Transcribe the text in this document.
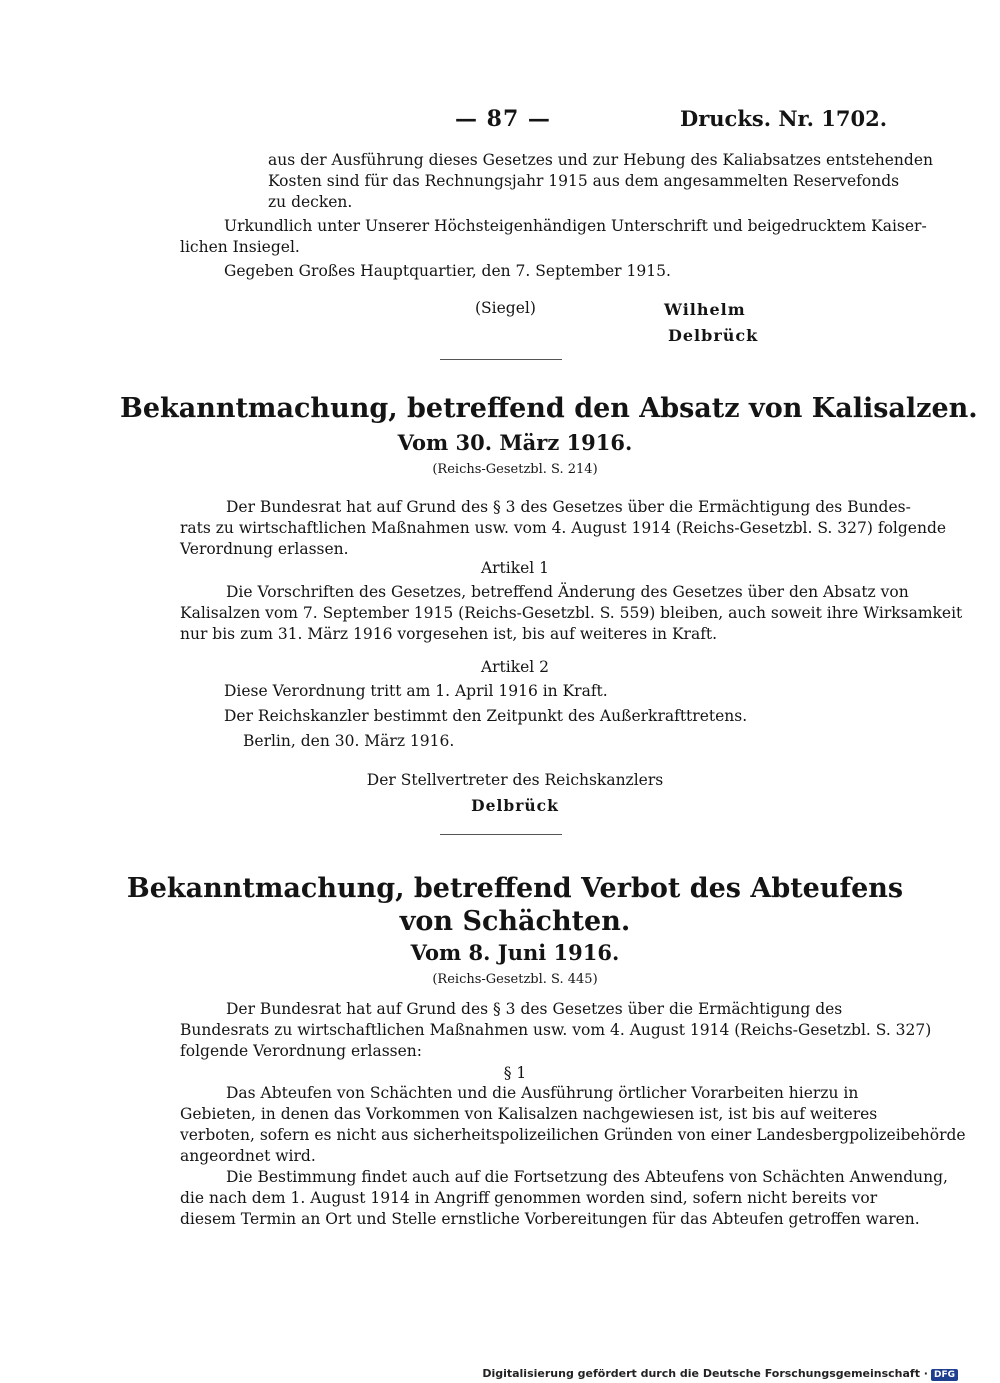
— 87 —	Drucks. Nr. 1702.
aus der Ausführung dieses Gesetzes und zur Hebung des Kaliabsatzes entstehenden
Kosten sind für das Rechnungsjahr 1915 aus dem angesammelten Reservefonds
zu decken.
Urkundlich unter Unserer Höchsteigenhändigen Unterschrift und beigedrucktem Kaiser-
lichen Insiegel.
Gegeben Großes Hauptquartier, den 7. September 1915.
(Siegel)	Wilhelm
Delbrück
Bekanntmachung, betreffend den Absatz von Kalisalzen.
Vom 30. März 1916.
(Reichs-Gesetzbl. S. 214)
Der Bundesrat hat auf Grund des § 3 des Gesetzes über die Ermächtigung des Bundes-
rats zu wirtschaftlichen Maßnahmen usw. vom 4. August 1914 (Reichs-Gesetzbl. S. 327) folgende
Verordnung erlassen.
Artikel 1
Die Vorschriften des Gesetzes, betreffend Änderung des Gesetzes über den Absatz von
Kalisalzen vom 7. September 1915 (Reichs-Gesetzbl. S. 559) bleiben, auch soweit ihre Wirksamkeit
nur bis zum 31. März 1916 vorgesehen ist, bis auf weiteres in Kraft.
Artikel 2
Diese Verordnung tritt am 1. April 1916 in Kraft.
Der Reichskanzler bestimmt den Zeitpunkt des Außerkrafttretens.
Berlin, den 30. März 1916.
Der Stellvertreter des Reichskanzlers
Delbrück
Bekanntmachung, betreffend Verbot des Abteufens
von Schächten.
Vom 8. Juni 1916.
(Reichs-Gesetzbl. S. 445)
Der Bundesrat hat auf Grund des § 3 des Gesetzes über die Ermächtigung des
Bundesrats zu wirtschaftlichen Maßnahmen usw. vom 4. August 1914 (Reichs-Gesetzbl. S. 327)
folgende Verordnung erlassen:
§ 1
Das Abteufen von Schächten und die Ausführung örtlicher Vorarbeiten hierzu in
Gebieten, in denen das Vorkommen von Kalisalzen nachgewiesen ist, ist bis auf weiteres
verboten, sofern es nicht aus sicherheitspolizeilichen Gründen von einer Landesbergpolizeibehörde
angeordnet wird.
Die Bestimmung findet auch auf die Fortsetzung des Abteufens von Schächten Anwendung,
die nach dem 1. August 1914 in Angriff genommen worden sind, sofern nicht bereits vor
diesem Termin an Ort und Stelle ernstliche Vorbereitungen für das Abteufen getroffen waren.
Digitalisierung gefördert durch die Deutsche Forschungsgemeinschaft · DFG
